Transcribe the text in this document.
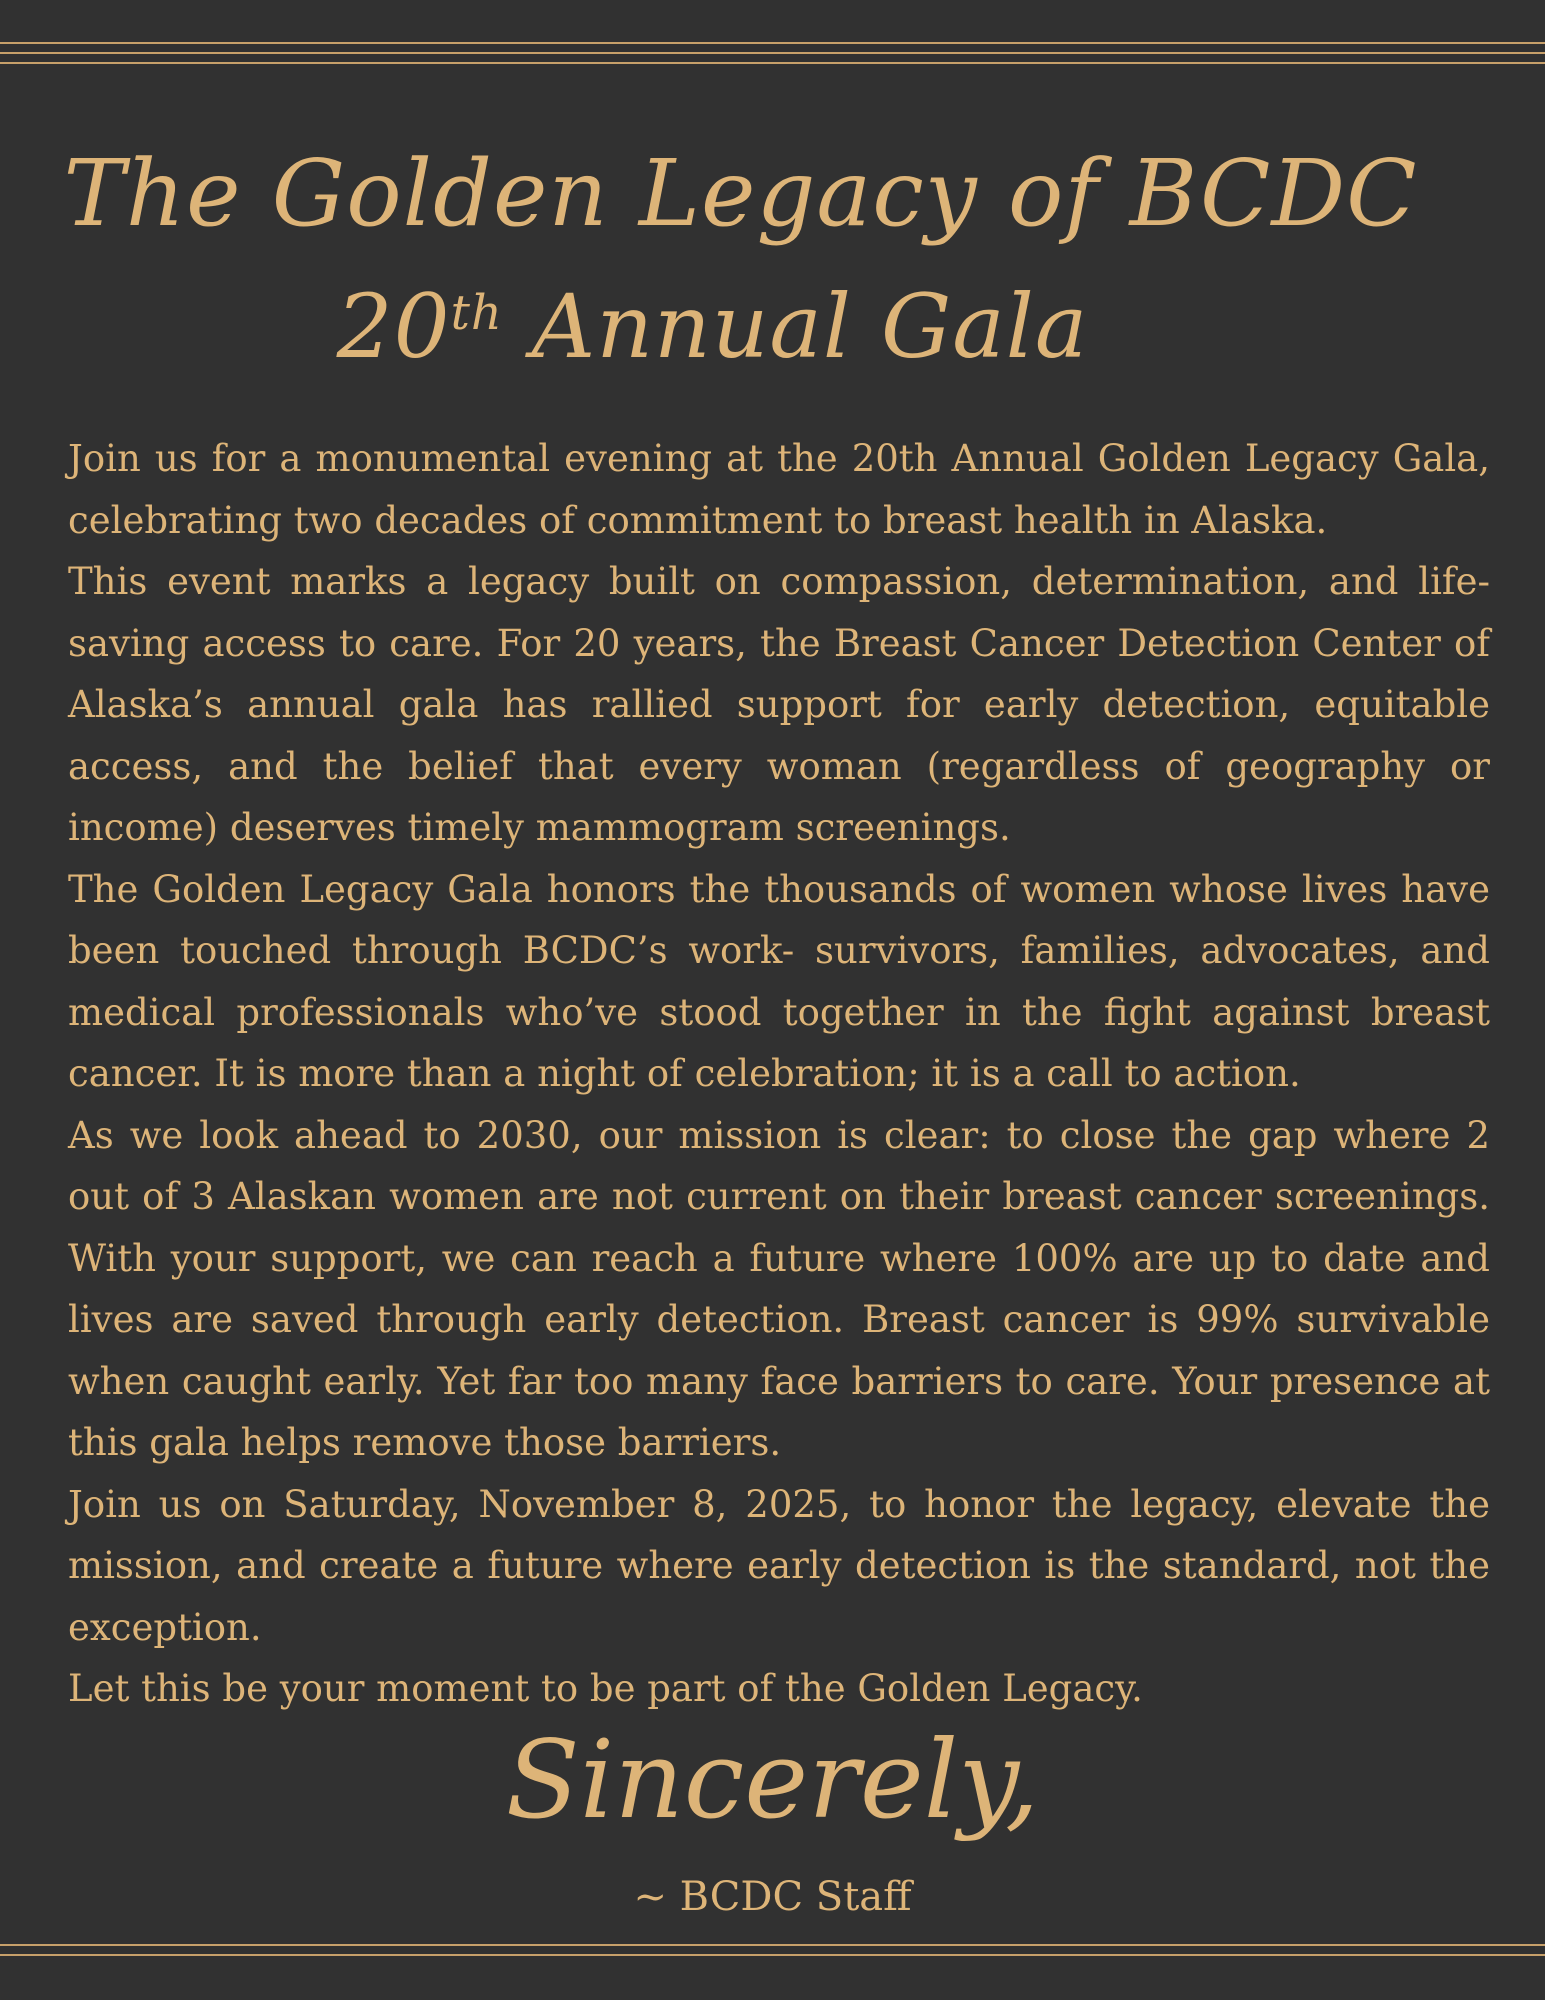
The Golden Legacy of BCDC
20th Annual Gala

Join us for a monumental evening at the 20th Annual Golden Legacy Gala, celebrating two decades of commitment to breast health in Alaska.

This event marks a legacy built on compassion, determination, and life-saving access to care. For 20 years, the Breast Cancer Detection Center of Alaska’s annual gala has rallied support for early detection, equitable access, and the belief that every woman (regardless of geography or income) deserves timely mammogram screenings.

The Golden Legacy Gala honors the thousands of women whose lives have been touched through BCDC’s work- survivors, families, advocates, and medical professionals who’ve stood together in the fight against breast cancer. It is more than a night of celebration; it is a call to action.

As we look ahead to 2030, our mission is clear: to close the gap where 2 out of 3 Alaskan women are not current on their breast cancer screenings. With your support, we can reach a future where 100% are up to date and lives are saved through early detection. Breast cancer is 99% survivable when caught early. Yet far too many face barriers to care. Your presence at this gala helps remove those barriers.

Join us on Saturday, November 8, 2025, to honor the legacy, elevate the mission, and create a future where early detection is the standard, not the exception.

Let this be your moment to be part of the Golden Legacy.

Sincerely,
~ BCDC Staff
